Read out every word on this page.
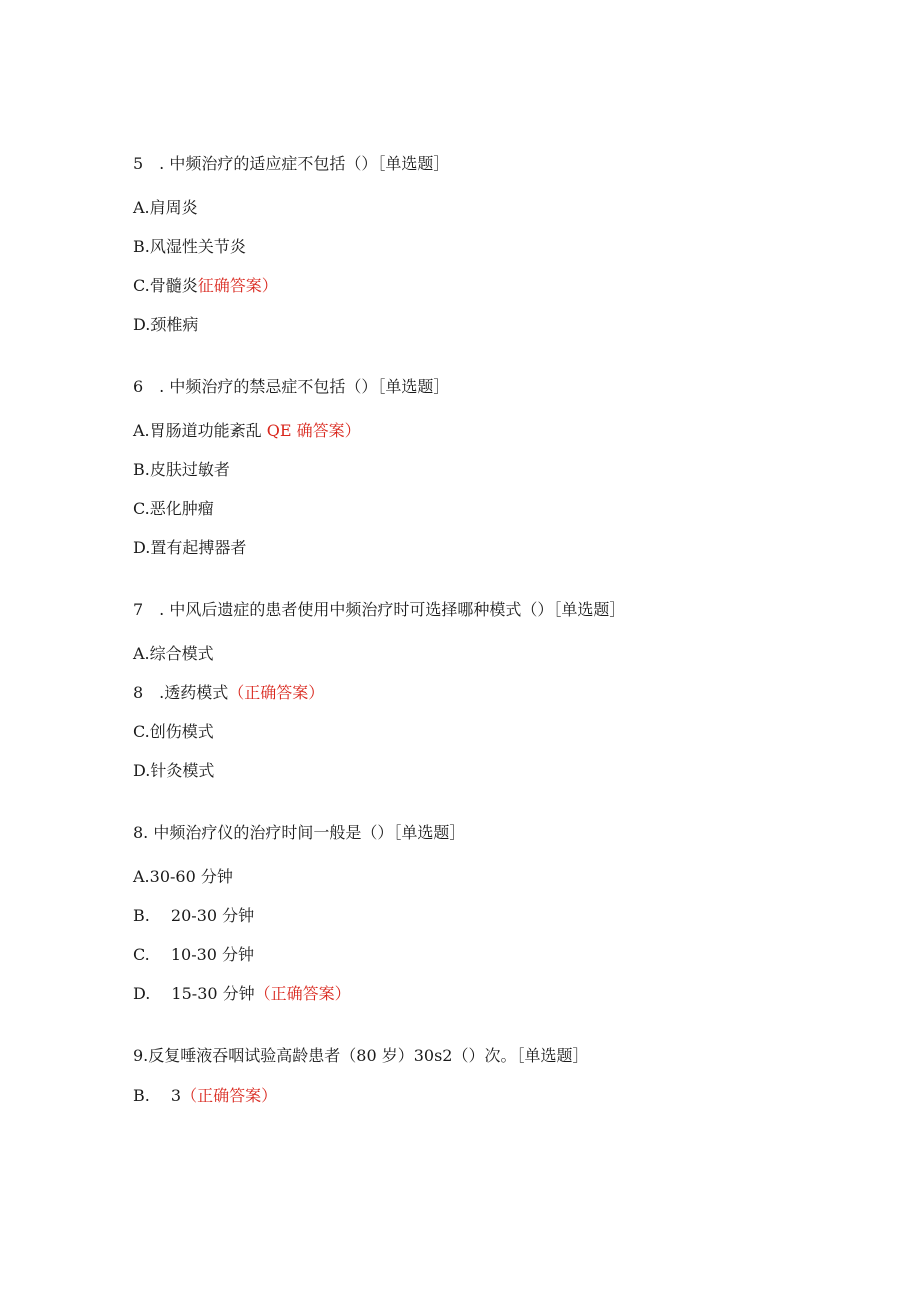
5　. 中频治疗的适应症不包括（）［单选题］
A.肩周炎
B.风湿性关节炎
C.骨髓炎征确答案）
D.颈椎病
6　. 中频治疗的禁忌症不包括（）［单选题］
A.胃肠道功能紊乱 QE 确答案）
B.皮肤过敏者
C.恶化肿瘤
D.置有起搏器者
7　. 中风后遗症的患者使用中频治疗时可选择哪种模式（）［单选题］
A.综合模式
8　.透药模式（正确答案）
C.创伤模式
D.针灸模式
8. 中频治疗仪的治疗时间一般是（）［单选题］
A.30-60 分钟
B.　 20-30 分钟
C.　 10-30 分钟
D.　 15-30 分钟（正确答案）
9.反复唾液吞咽试验高龄患者（80 岁）30s2（）次。［单选题］
B.　 3（正确答案）
